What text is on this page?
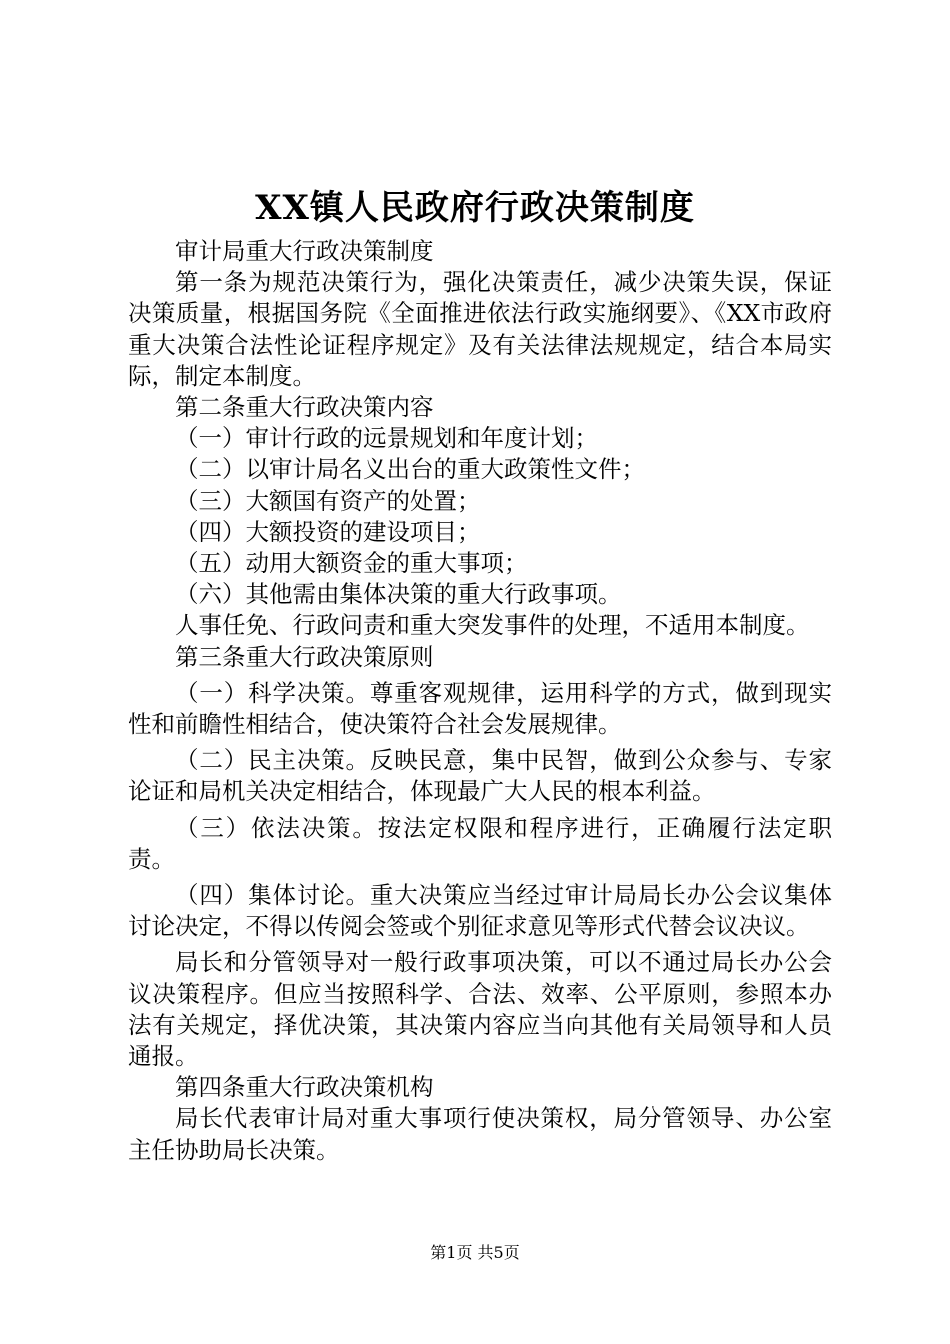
XX镇人民政府行政决策制度

审计局重大行政决策制度

第一条为规范决策行为，强化决策责任，减少决策失误，保证决策质量，根据国务院《全面推进依法行政实施纲要》、《XX市政府重大决策合法性论证程序规定》及有关法律法规规定，结合本局实际，制定本制度。

第二条重大行政决策内容

（一）审计行政的远景规划和年度计划；

（二）以审计局名义出台的重大政策性文件；

（三）大额国有资产的处置；

（四）大额投资的建设项目；

（五）动用大额资金的重大事项；

（六）其他需由集体决策的重大行政事项。

人事任免、行政问责和重大突发事件的处理，不适用本制度。

第三条重大行政决策原则

（一）科学决策。尊重客观规律，运用科学的方式，做到现实性和前瞻性相结合，使决策符合社会发展规律。

（二）民主决策。反映民意，集中民智，做到公众参与、专家论证和局机关决定相结合，体现最广大人民的根本利益。

（三）依法决策。按法定权限和程序进行，正确履行法定职责。

（四）集体讨论。重大决策应当经过审计局局长办公会议集体讨论决定，不得以传阅会签或个别征求意见等形式代替会议决议。

局长和分管领导对一般行政事项决策，可以不通过局长办公会议决策程序。但应当按照科学、合法、效率、公平原则，参照本办法有关规定，择优决策，其决策内容应当向其他有关局领导和人员通报。

第四条重大行政决策机构

局长代表审计局对重大事项行使决策权，局分管领导、办公室主任协助局长决策。

第1页 共5页
